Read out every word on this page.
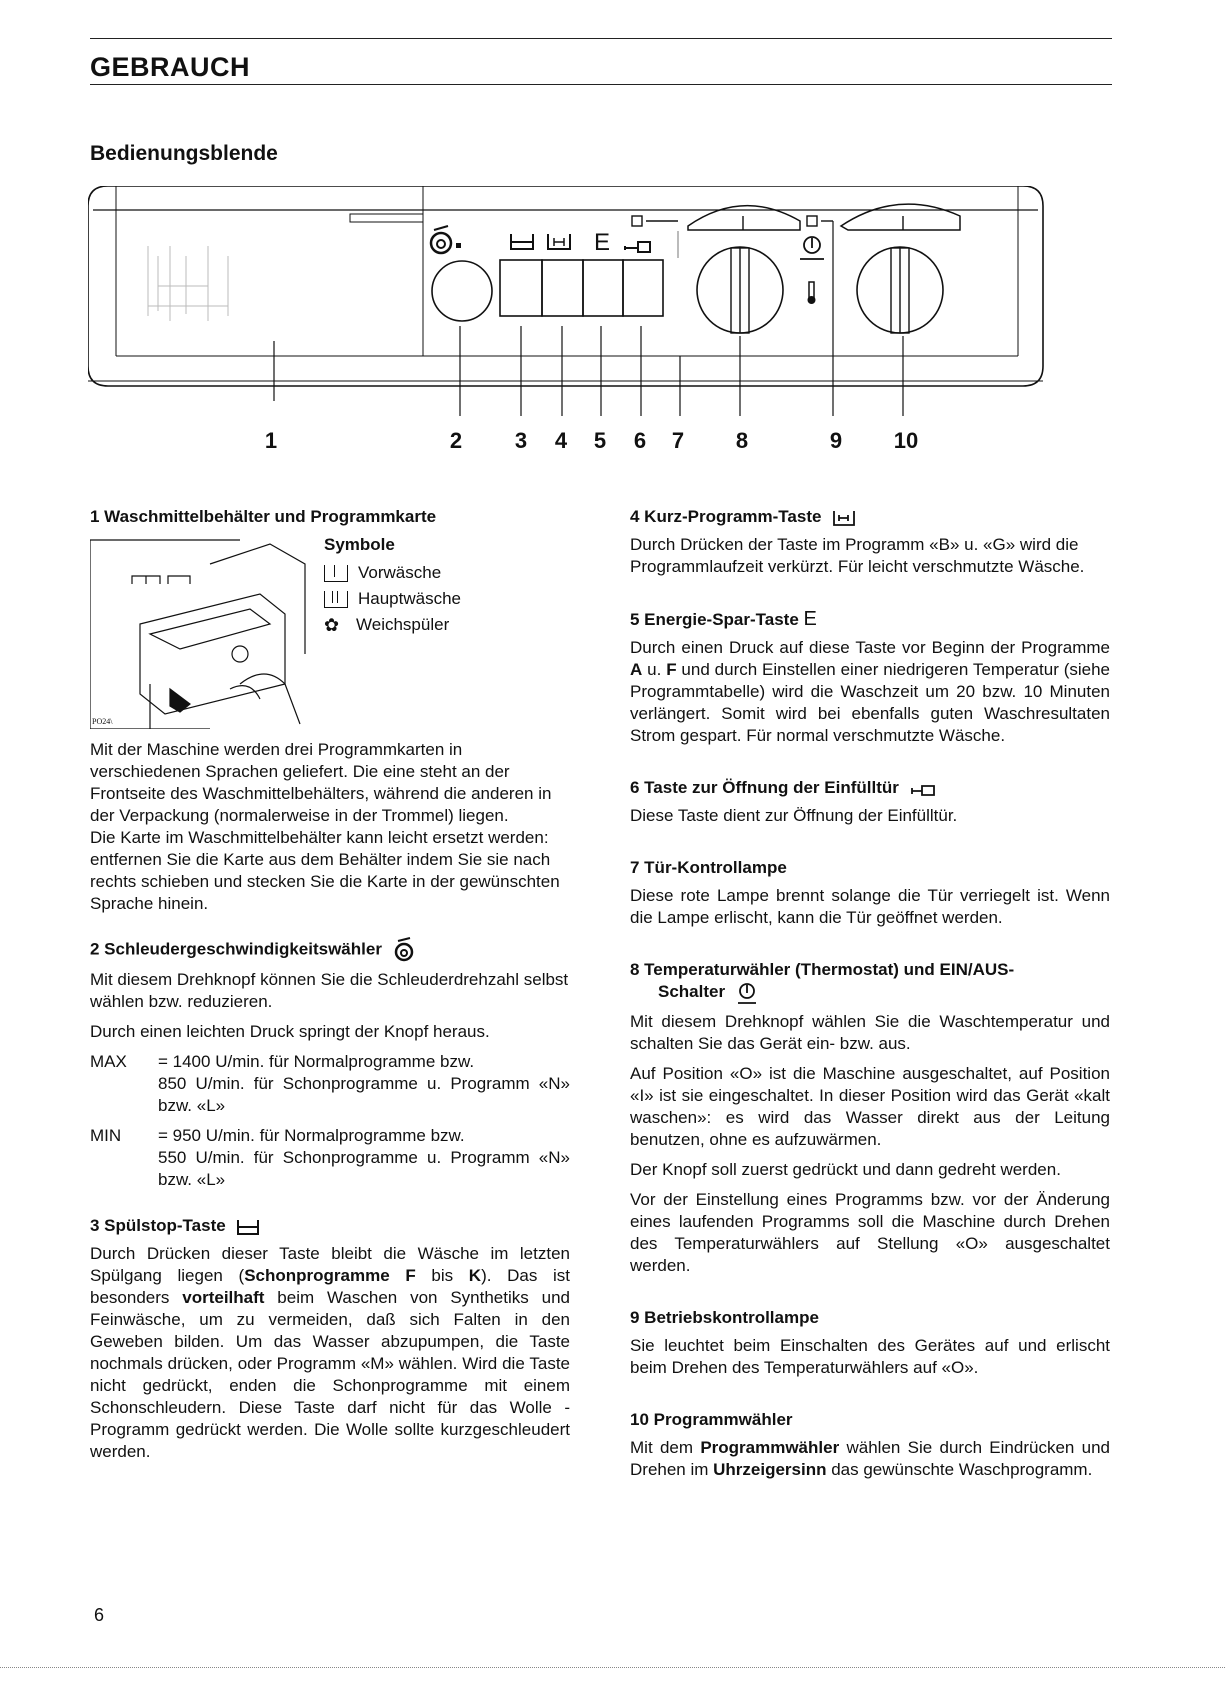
GEBRAUCH
Bedienungsblende
E
1	2 3 4 5 6 7 8	9 10
1 Waschmittelbehälter und Programmkarte
PO24\
Symbole
Vorwäsche
Hauptwäsche
✿ Weichspüler

Mit der Maschine werden drei Programmkarten in verschiedenen Sprachen geliefert. Die eine steht an der Frontseite des Waschmittelbehälters, während die anderen in der Verpackung (normalerweise in der Trommel) liegen.

Die Karte im Waschmittelbehälter kann leicht ersetzt werden: entfernen Sie die Karte aus dem Behälter indem Sie sie nach rechts schieben und stecken Sie die Karte in der gewünschten Sprache hinein.

2 Schleudergeschwindigkeitswähler

Mit diesem Drehknopf können Sie die Schleuderdrehzahl selbst wählen bzw. reduzieren.

Durch einen leichten Druck springt der Knopf heraus.

MAX	= 1400 U/min. für Normalprogramme bzw.
850 U/min. für Schonprogramme u. Programm «N» bzw. «L»
MIN	= 950 U/min. für Normalprogramme bzw.
550 U/min. für Schonprogramme u. Programm «N» bzw. «L»
3 Spülstop-Taste

Durch Drücken dieser Taste bleibt die Wäsche im letzten Spülgang liegen (Schonprogramme F bis K). Das ist besonders vorteilhaft beim Waschen von Synthetiks und Feinwäsche, um zu vermeiden, daß sich Falten in den Geweben bilden. Um das Wasser abzupumpen, die Taste nochmals drücken, oder Programm «M» wählen. Wird die Taste nicht gedrückt, enden die Schonprogramme mit einem Schonschleudern. Diese Taste darf nicht für das Wolle - Programm gedrückt werden. Die Wolle sollte kurzgeschleudert werden.

4 Kurz-Programm-Taste

Durch Drücken der Taste im Programm «B» u. «G» wird die Programmlaufzeit verkürzt. Für leicht verschmutzte Wäsche.

5 Energie-Spar-Taste E

Durch einen Druck auf diese Taste vor Beginn der Programme A u. F und durch Einstellen einer niedrigeren Temperatur (siehe Programmtabelle) wird die Waschzeit um 20 bzw. 10 Minuten verlängert. Somit wird bei ebenfalls guten Waschresultaten Strom gespart. Für normal verschmutzte Wäsche.

6 Taste zur Öffnung der Einfülltür

Diese Taste dient zur Öffnung der Einfülltür.

7 Tür-Kontrollampe

Diese rote Lampe brennt solange die Tür verriegelt ist. Wenn die Lampe erlischt, kann die Tür geöffnet werden.

8 Temperaturwähler (Thermostat) und EIN/AUS-
Schalter

Mit diesem Drehknopf wählen Sie die Waschtemperatur und schalten Sie das Gerät ein- bzw. aus.

Auf Position «O» ist die Maschine ausgeschaltet, auf Position «I» ist sie eingeschaltet. In dieser Position wird das Gerät «kalt waschen»: es wird das Wasser direkt aus der Leitung benutzen, ohne es aufzuwärmen.

Der Knopf soll zuerst gedrückt und dann gedreht werden.

Vor der Einstellung eines Programms bzw. vor der Änderung eines laufenden Programms soll die Maschine durch Drehen des Temperaturwählers auf Stellung «O» ausgeschaltet werden.

9 Betriebskontrollampe

Sie leuchtet beim Einschalten des Gerätes auf und erlischt beim Drehen des Temperaturwählers auf «O».

10 Programmwähler

Mit dem Programmwähler wählen Sie durch Eindrücken und Drehen im Uhrzeigersinn das gewünschte Waschprogramm.

6
